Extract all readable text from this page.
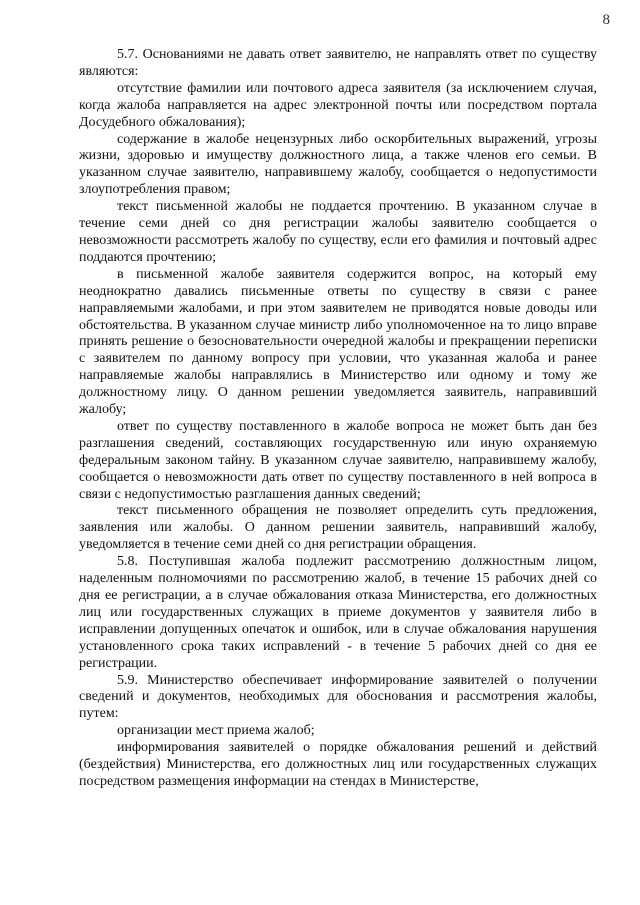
8

5.7. Основаниями не давать ответ заявителю, не направлять ответ по существу являются:

отсутствие фамилии или почтового адреса заявителя (за исключением случая, когда жалоба направляется на адрес электронной почты или посредством портала Досудебного обжалования);

содержание в жалобе нецензурных либо оскорбительных выражений, угрозы жизни, здоровью и имуществу должностного лица, а также членов его семьи. В указанном случае заявителю, направившему жалобу, сообщается о недопустимости злоупотребления правом;

текст письменной жалобы не поддается прочтению. В указанном случае в течение семи дней со дня регистрации жалобы заявителю сообщается о невозможности рассмотреть жалобу по существу, если его фамилия и почтовый адрес поддаются прочтению;

в письменной жалобе заявителя содержится вопрос, на который ему неоднократно давались письменные ответы по существу в связи с ранее направляемыми жалобами, и при этом заявителем не приводятся новые доводы или обстоятельства. В указанном случае министр либо уполномоченное на то лицо вправе принять решение о безосновательности очередной жалобы и прекращении переписки с заявителем по данному вопросу при условии, что указанная жалоба и ранее направляемые жалобы направлялись в Министерство или одному и тому же должностному лицу. О данном решении уведомляется заявитель, направивший жалобу;

ответ по существу поставленного в жалобе вопроса не может быть дан без разглашения сведений, составляющих государственную или иную охраняемую федеральным законом тайну. В указанном случае заявителю, направившему жалобу, сообщается о невозможности дать ответ по существу поставленного в ней вопроса в связи с недопустимостью разглашения данных сведений;

текст письменного обращения не позволяет определить суть предложения, заявления или жалобы. О данном решении заявитель, направивший жалобу, уведомляется в течение семи дней со дня регистрации обращения.

5.8. Поступившая жалоба подлежит рассмотрению должностным лицом, наделенным полномочиями по рассмотрению жалоб, в течение 15 рабочих дней со дня ее регистрации, а в случае обжалования отказа Министерства, его должностных лиц или государственных служащих в приеме документов у заявителя либо в исправлении допущенных опечаток и ошибок, или в случае обжалования нарушения установленного срока таких исправлений - в течение 5 рабочих дней со дня ее регистрации.

5.9. Министерство обеспечивает информирование заявителей о получении сведений и документов, необходимых для обоснования и рассмотрения жалобы, путем:

организации мест приема жалоб;

информирования заявителей о порядке обжалования решений и действий (бездействия) Министерства, его должностных лиц или государственных служащих посредством размещения информации на стендах в Министерстве,
